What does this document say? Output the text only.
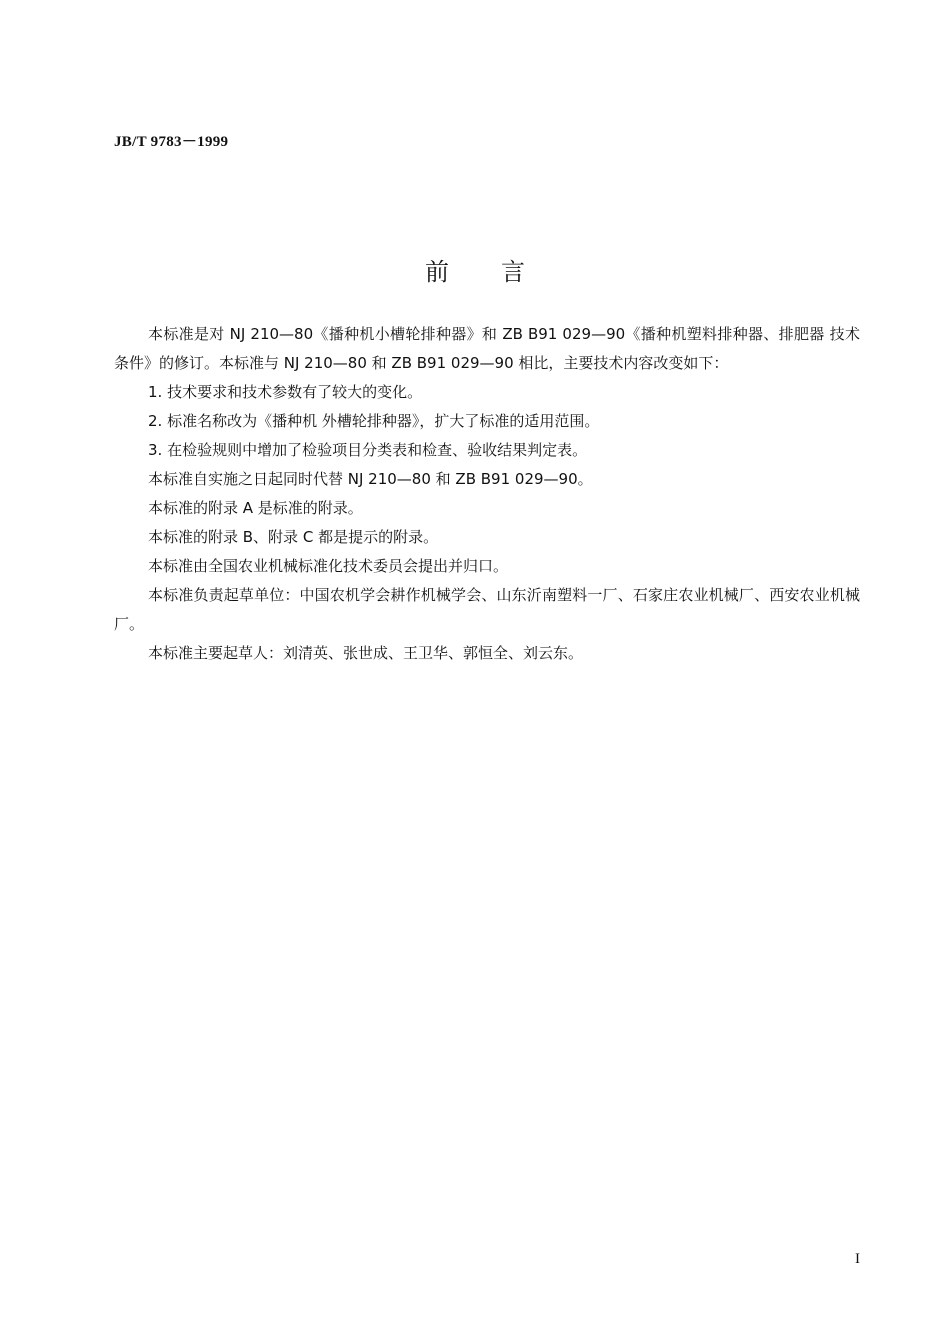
JB/T 9783－1999
前言

本标准是对 NJ 210—80《播种机小槽轮排种器》和 ZB B91 029—90《播种机塑料排种器、排肥器 技术条件》的修订。本标准与 NJ 210—80 和 ZB B91 029—90 相比，主要技术内容改变如下：

1. 技术要求和技术参数有了较大的变化。

2. 标准名称改为《播种机 外槽轮排种器》，扩大了标准的适用范围。

3. 在检验规则中增加了检验项目分类表和检查、验收结果判定表。

本标准自实施之日起同时代替 NJ 210—80 和 ZB B91 029—90。

本标准的附录 A 是标准的附录。

本标准的附录 B、附录 C 都是提示的附录。

本标准由全国农业机械标准化技术委员会提出并归口。

本标准负责起草单位：中国农机学会耕作机械学会、山东沂南塑料一厂、石家庄农业机械厂、西安农业机械厂。

本标准主要起草人：刘清英、张世成、王卫华、郭恒全、刘云东。

I
